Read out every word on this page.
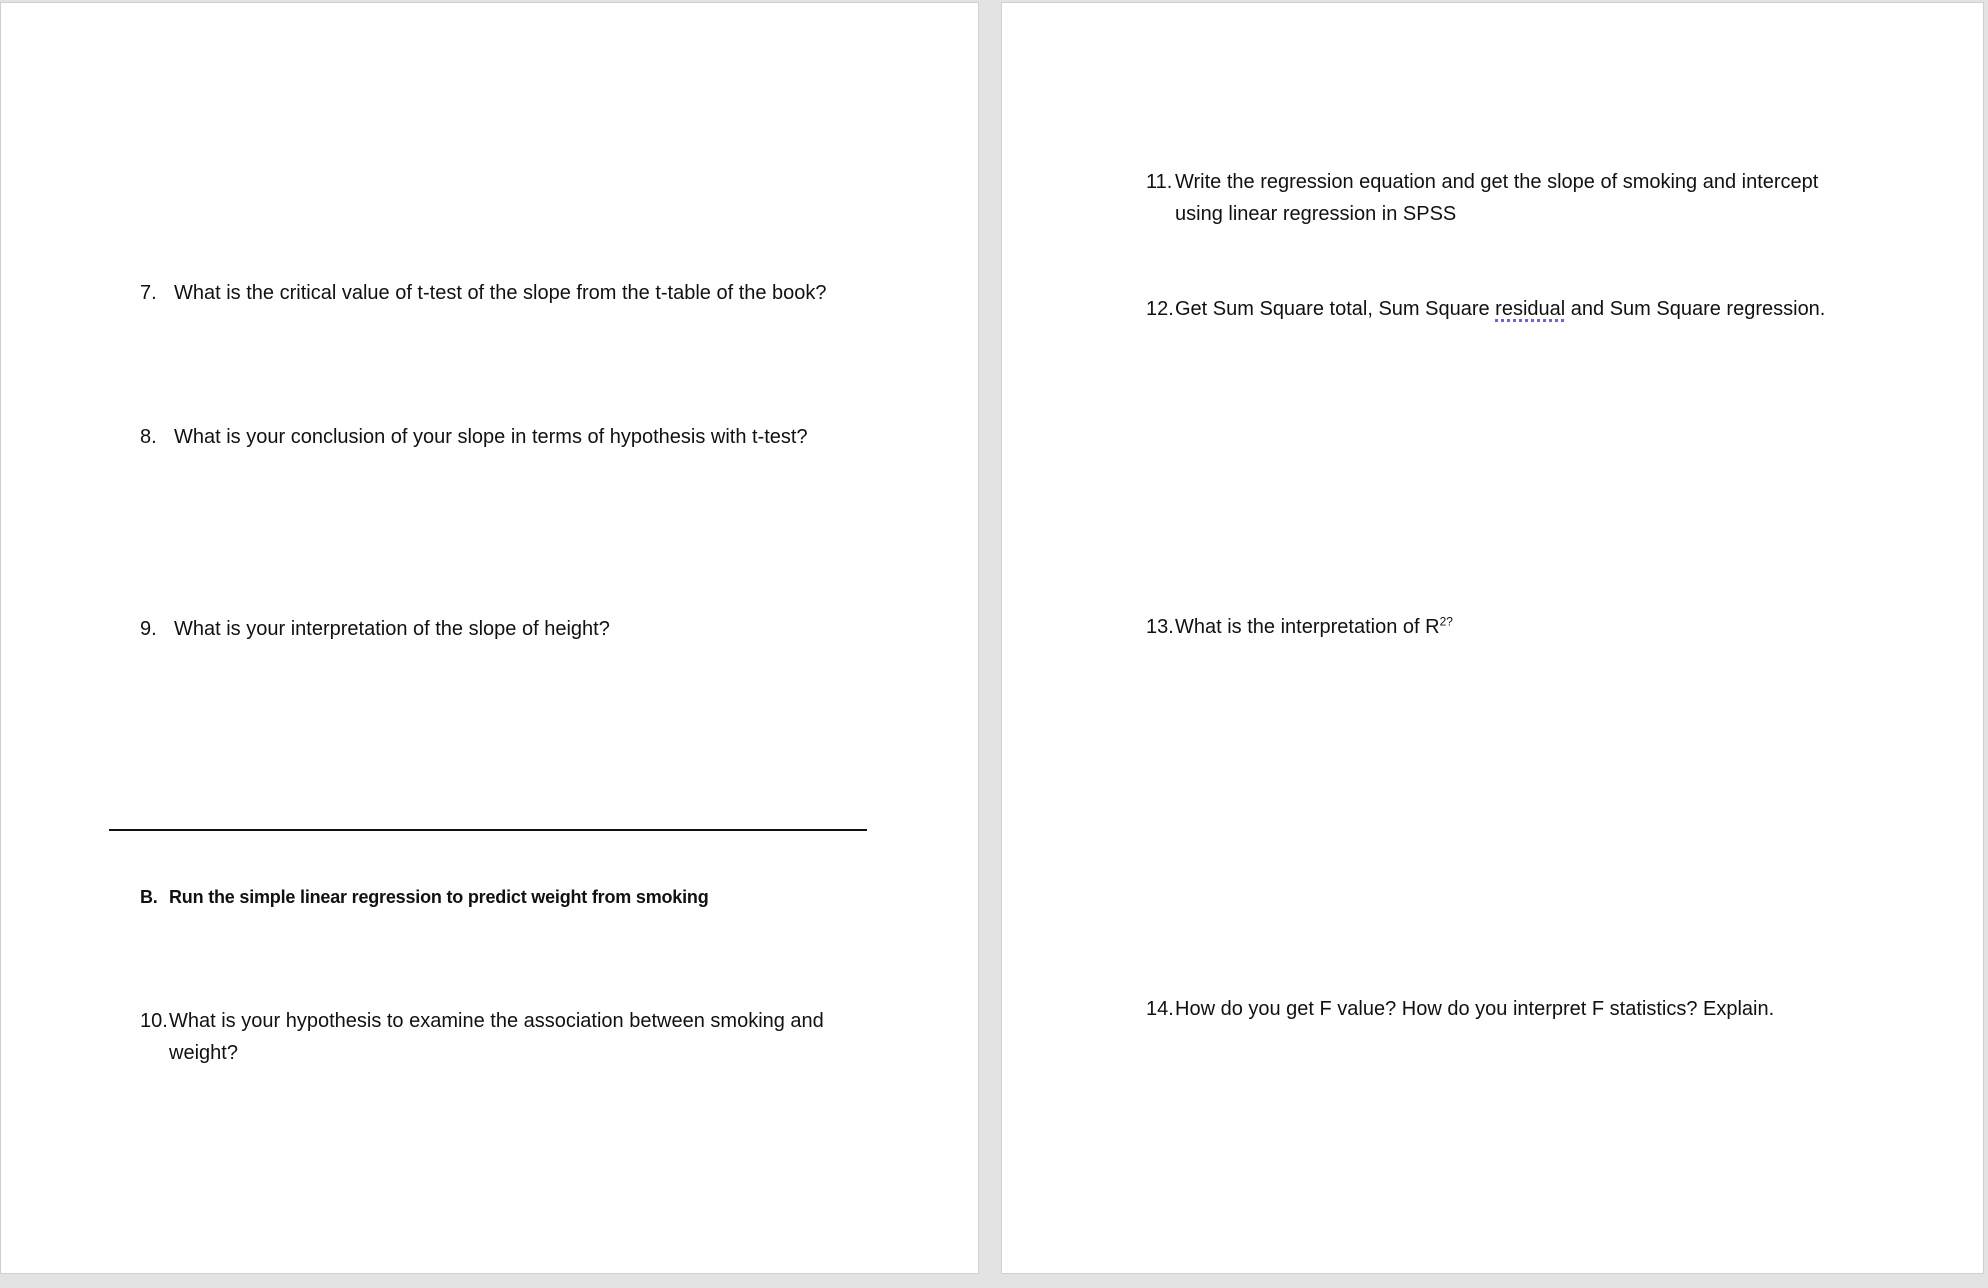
7. What is the critical value of t-test of the slope from the t-table of the book?
8. What is your conclusion of your slope in terms of hypothesis with t-test?
9. What is your interpretation of the slope of height?
B. Run the simple linear regression to predict weight from smoking
10.What is your hypothesis to examine the association between smoking and
weight?
11. Write the regression equation and get the slope of smoking and intercept
using linear regression in SPSS
12.Get Sum Square total, Sum Square residual and Sum Square regression.
13.What is the interpretation of $R^{2?}$
14.How do you get F value? How do you interpret F statistics? Explain.
